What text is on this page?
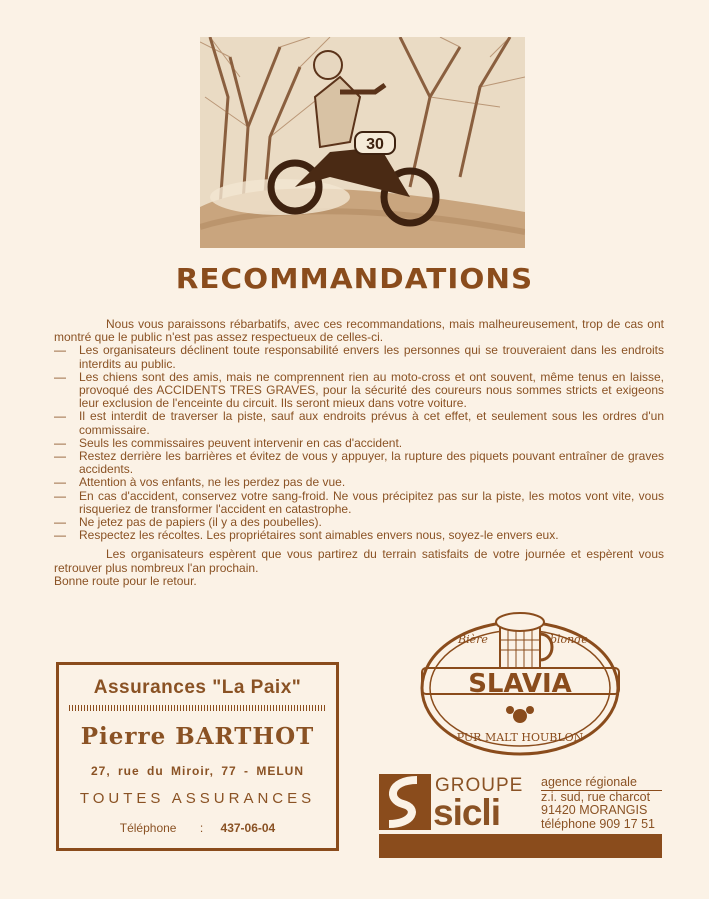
30
RECOMMANDATIONS

Nous vous paraissons rébarbatifs, avec ces recommandations, mais malheureusement, trop de cas ont montré que le public n'est pas assez respectueux de celles-ci.

—	Les organisateurs déclinent toute responsabilité envers les personnes qui se trouveraient dans les endroits interdits au public.
—	Les chiens sont des amis, mais ne comprennent rien au moto-cross et ont souvent, même tenus en laisse, provoqué des ACCIDENTS TRES GRAVES, pour la sécurité des coureurs nous sommes stricts et exigeons leur exclusion de l'enceinte du circuit. Ils seront mieux dans votre voiture.
—	Il est interdit de traverser la piste, sauf aux endroits prévus à cet effet, et seulement sous les ordres d'un commissaire.
—	Seuls les commissaires peuvent intervenir en cas d'accident.
—	Restez derrière les barrières et évitez de vous y appuyer, la rupture des piquets pouvant entraîner de graves accidents.
—	Attention à vos enfants, ne les perdez pas de vue.
—	En cas d'accident, conservez votre sang-froid. Ne vous précipitez pas sur la piste, les motos vont vite, vous risqueriez de transformer l'accident en catastrophe.
—	Ne jetez pas de papiers (il y a des poubelles).
—	Respectez les récoltes. Les propriétaires sont aimables envers nous, soyez-le envers eux.

Les organisateurs espèrent que vous partirez du terrain satisfaits de votre journée et espèrent vous retrouver plus nombreux l'an prochain.

Bonne route pour le retour.

Assurances "La Paix"
Pierre BARTHOT
27, rue du Miroir, 77 - MELUN
TOUTES ASSURANCES
Téléphone : 437-06-04
Bière	blonde
SLAVIA
PUR MALT HOUBLON
GROUPE
sicli
agence régionale
z.i. sud, rue charcot
91420 MORANGIS
téléphone 909 17 51
